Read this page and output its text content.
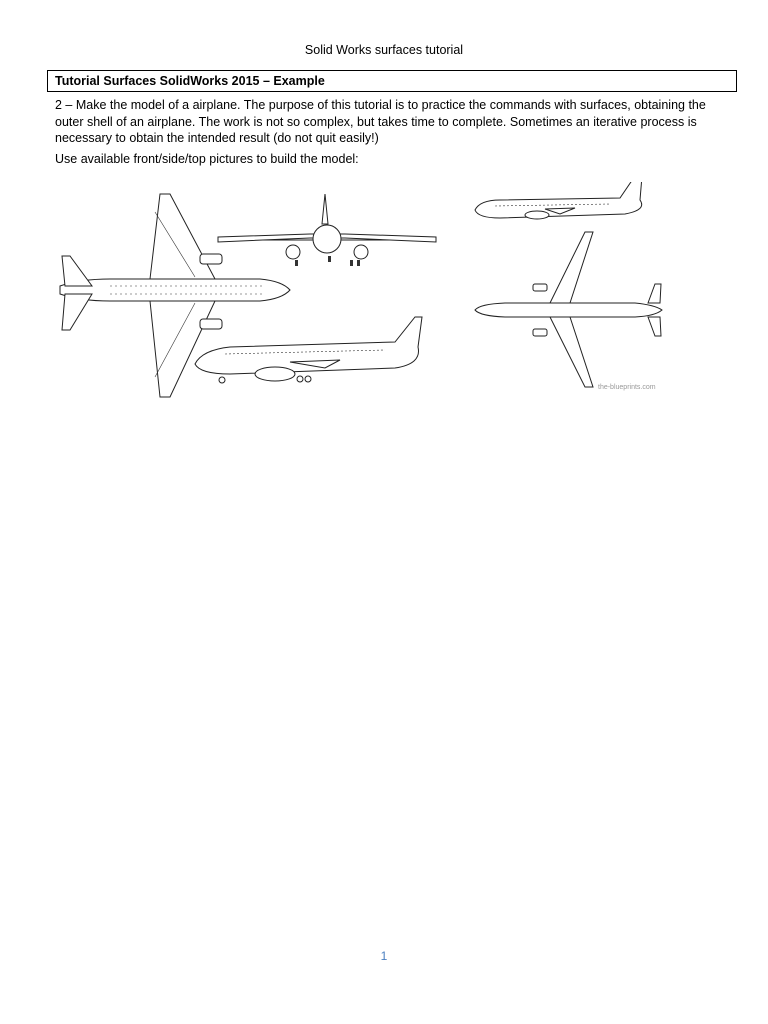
Solid Works surfaces tutorial
Tutorial Surfaces SolidWorks 2015 – Example
2 – Make the model of a airplane. The purpose of this tutorial is to practice the commands with surfaces, obtaining the outer shell of an airplane. The work is not so complex, but takes time to complete. Sometimes an iterative process is necessary to obtain the intended result (do not quit easily!)
Use available front/side/top pictures to build the model:
the-blueprints.com
1
